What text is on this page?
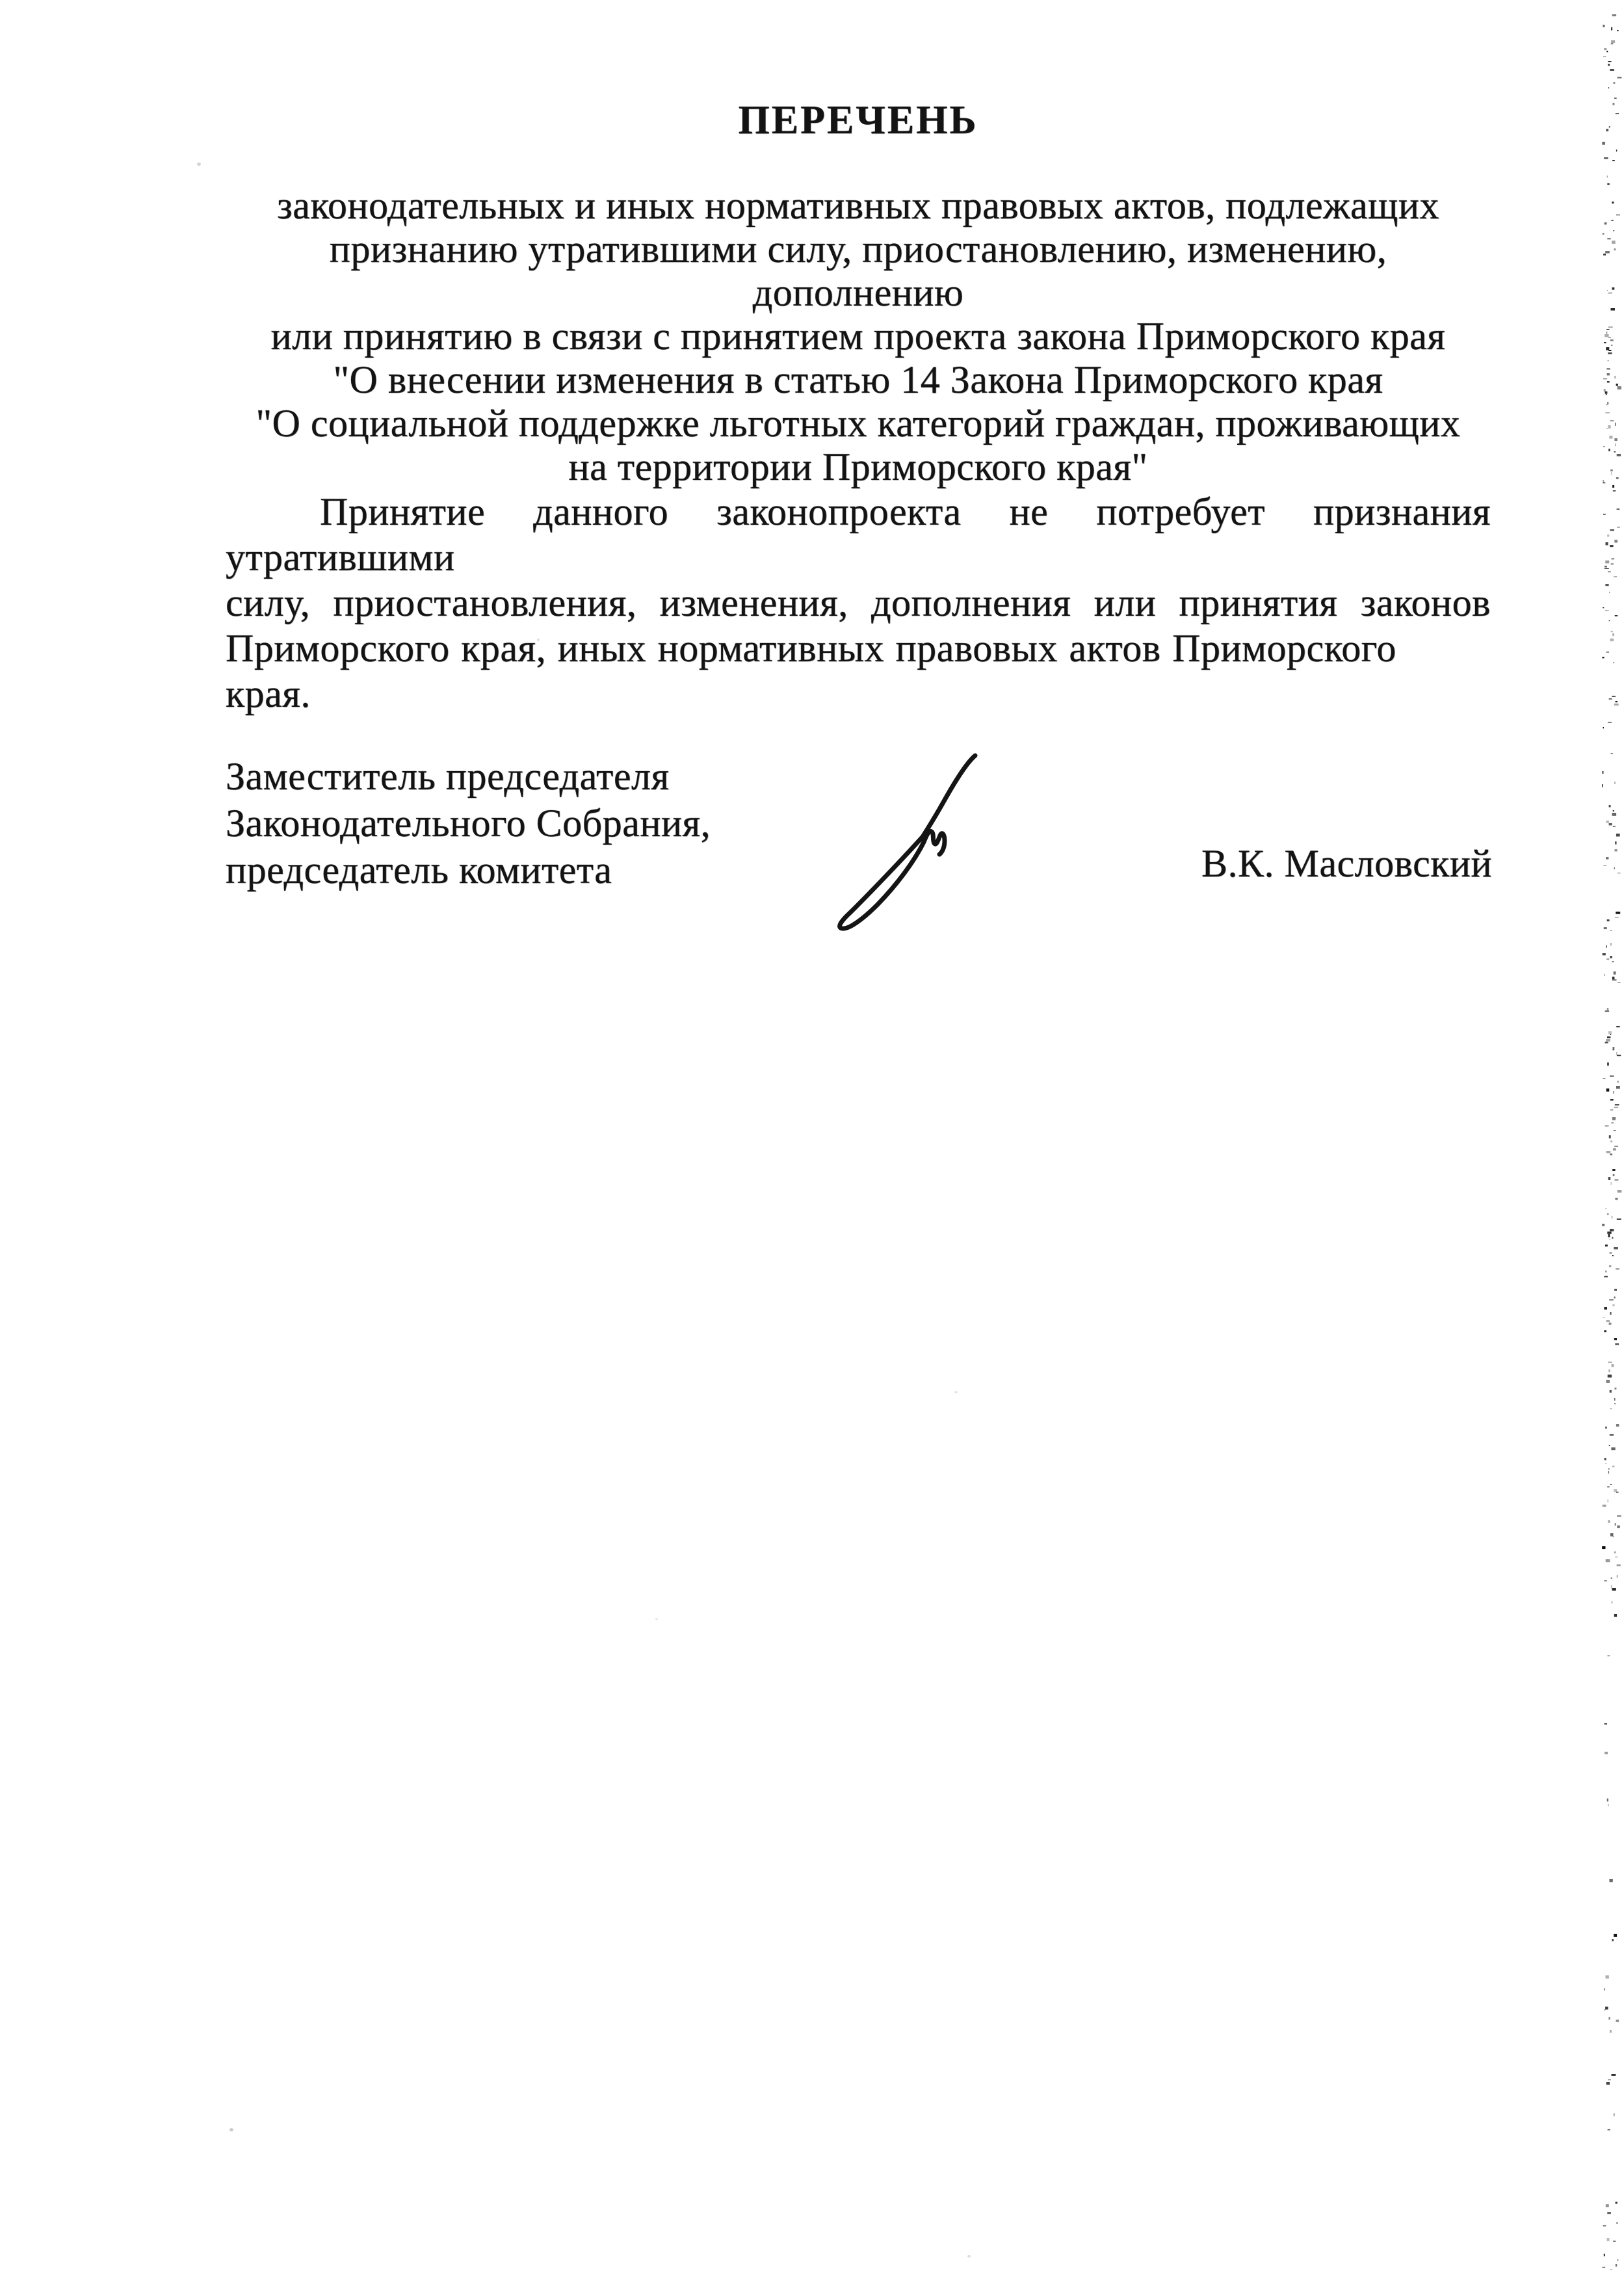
ПЕРЕЧЕНЬ
законодательных и иных нормативных правовых актов, подлежащих
признанию утратившими силу, приостановлению, изменению, дополнению
или принятию в связи с принятием проекта закона Приморского края
"О внесении изменения в статью 14 Закона Приморского края
"О социальной поддержке льготных категорий граждан, проживающих
на территории Приморского края"
Принятие данного законопроекта не потребует признания утратившими
силу, приостановления, изменения, дополнения или принятия законов
Приморского края, иных нормативных правовых актов Приморского края.
Заместитель председателя
Законодательного Собрания,
председатель комитета	В.К. Масловский
